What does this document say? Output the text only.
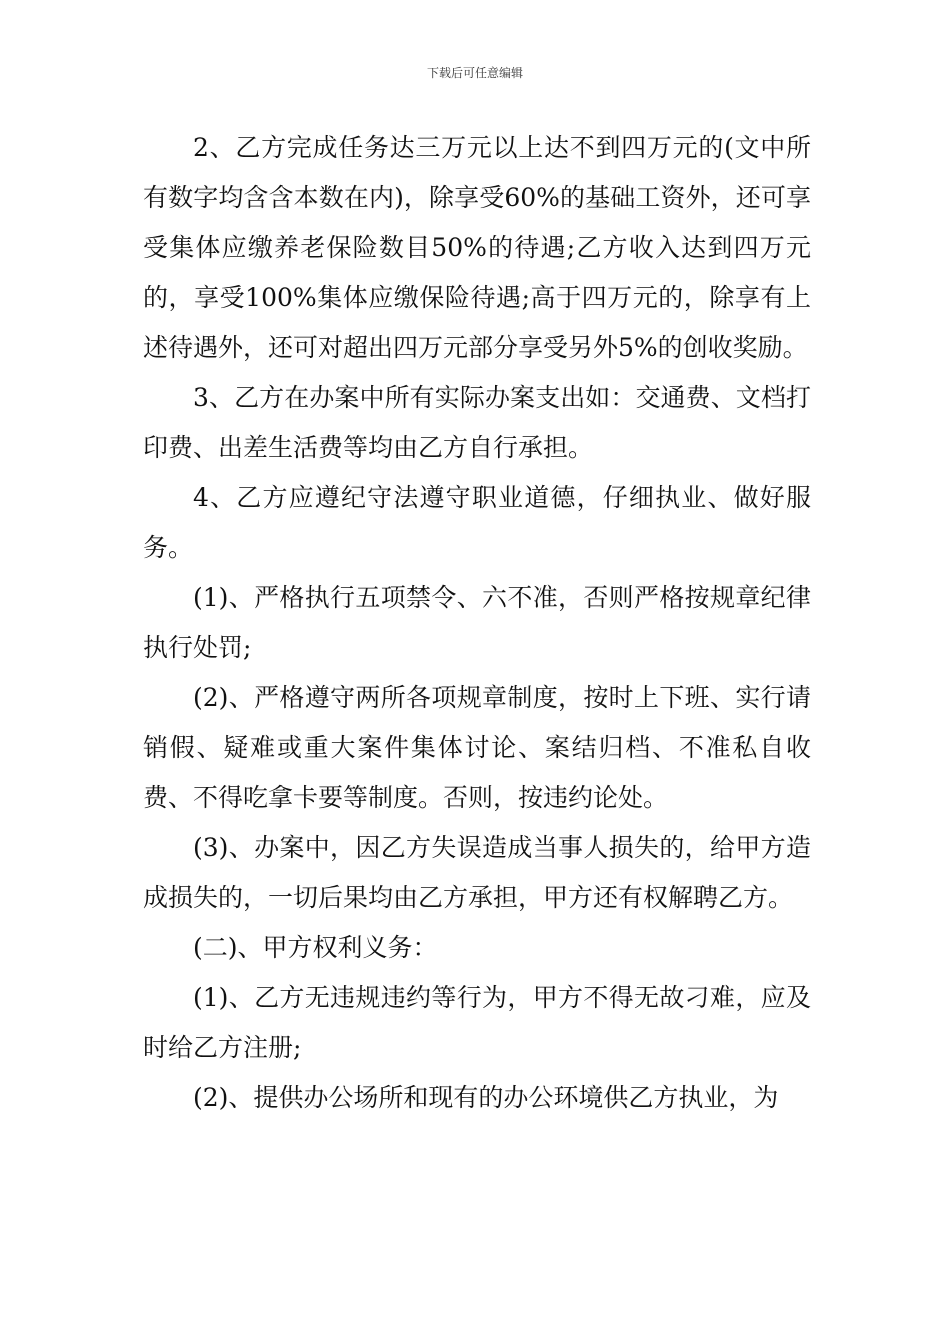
下载后可任意编辑

2、乙方完成任务达三万元以上达不到四万元的(文中所有数字均含含本数在内)，除享受60%的基础工资外，还可享受集体应缴养老保险数目50%的待遇;乙方收入达到四万元的，享受100%集体应缴保险待遇;高于四万元的，除享有上述待遇外，还可对超出四万元部分享受另外5%的创收奖励。

3、乙方在办案中所有实际办案支出如：交通费、文档打印费、出差生活费等均由乙方自行承担。

4、乙方应遵纪守法遵守职业道德，仔细执业、做好服务。

(1)、严格执行五项禁令、六不准，否则严格按规章纪律执行处罚;

(2)、严格遵守两所各项规章制度，按时上下班、实行请销假、疑难或重大案件集体讨论、案结归档、不准私自收费、不得吃拿卡要等制度。否则，按违约论处。

(3)、办案中，因乙方失误造成当事人损失的，给甲方造成损失的，一切后果均由乙方承担，甲方还有权解聘乙方。

(二)、甲方权利义务：

(1)、乙方无违规违约等行为，甲方不得无故刁难，应及时给乙方注册;

(2)、提供办公场所和现有的办公环境供乙方执业，为
